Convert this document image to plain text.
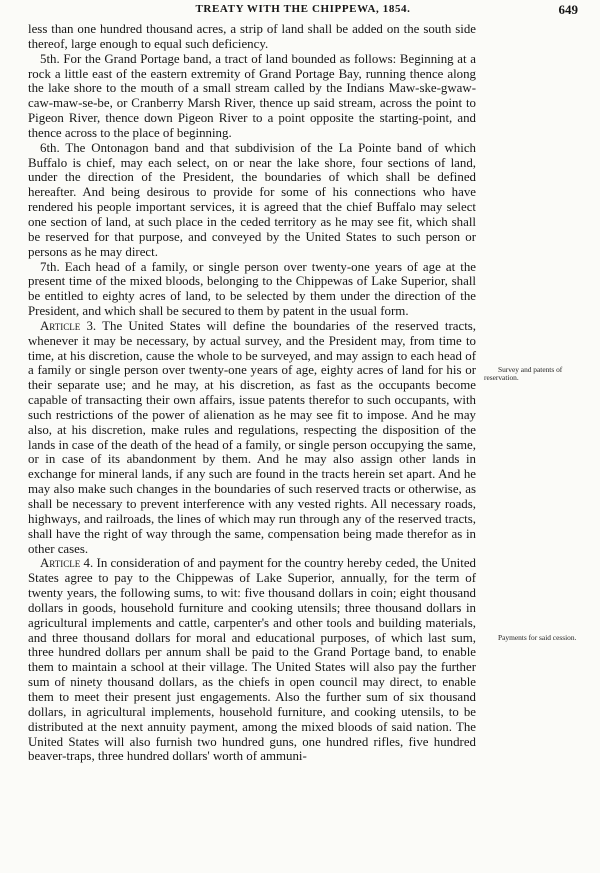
TREATY WITH THE CHIPPEWA, 1854.	649

less than one hundred thousand acres, a strip of land shall be added on the south side thereof, large enough to equal such deficiency.

5th. For the Grand Portage band, a tract of land bounded as follows: Beginning at a rock a little east of the eastern extremity of Grand Portage Bay, running thence along the lake shore to the mouth of a small stream called by the Indians Maw-ske-gwaw-caw-maw-se-be, or Cranberry Marsh River, thence up said stream, across the point to Pigeon River, thence down Pigeon River to a point opposite the starting-point, and thence across to the place of beginning.

6th. The Ontonagon band and that subdivision of the La Pointe band of which Buffalo is chief, may each select, on or near the lake shore, four sections of land, under the direction of the President, the boundaries of which shall be defined hereafter. And being desirous to provide for some of his connections who have rendered his people important services, it is agreed that the chief Buffalo may select one section of land, at such place in the ceded territory as he may see fit, which shall be reserved for that purpose, and conveyed by the United States to such person or persons as he may direct.

7th. Each head of a family, or single person over twenty-one years of age at the present time of the mixed bloods, belonging to the Chippewas of Lake Superior, shall be entitled to eighty acres of land, to be selected by them under the direction of the President, and which shall be secured to them by patent in the usual form.

Article 3. The United States will define the boundaries of the reserved tracts, whenever it may be necessary, by actual survey, and the President may, from time to time, at his discretion, cause the whole to be surveyed, and may assign to each head of a family or single person over twenty-one years of age, eighty acres of land for his or their separate use; and he may, at his discretion, as fast as the occupants become capable of transacting their own affairs, issue patents therefor to such occupants, with such restrictions of the power of alienation as he may see fit to impose. And he may also, at his discretion, make rules and regulations, respecting the disposition of the lands in case of the death of the head of a family, or single person occupying the same, or in case of its abandonment by them. And he may also assign other lands in exchange for mineral lands, if any such are found in the tracts herein set apart. And he may also make such changes in the boundaries of such reserved tracts or otherwise, as shall be necessary to prevent interference with any vested rights. All necessary roads, highways, and railroads, the lines of which may run through any of the reserved tracts, shall have the right of way through the same, compensation being made therefor as in other cases.

Article 4. In consideration of and payment for the country hereby ceded, the United States agree to pay to the Chippewas of Lake Superior, annually, for the term of twenty years, the following sums, to wit: five thousand dollars in coin; eight thousand dollars in goods, household furniture and cooking utensils; three thousand dollars in agricultural implements and cattle, carpenter's and other tools and building materials, and three thousand dollars for moral and educational purposes, of which last sum, three hundred dollars per annum shall be paid to the Grand Portage band, to enable them to maintain a school at their village. The United States will also pay the further sum of ninety thousand dollars, as the chiefs in open council may direct, to enable them to meet their present just engagements. Also the further sum of six thousand dollars, in agricultural implements, household furniture, and cooking utensils, to be distributed at the next annuity payment, among the mixed bloods of said nation. The United States will also furnish two hundred guns, one hundred rifles, five hundred beaver-traps, three hundred dollars' worth of ammuni-

Survey and patents of reservation.
Payments for said cession.
